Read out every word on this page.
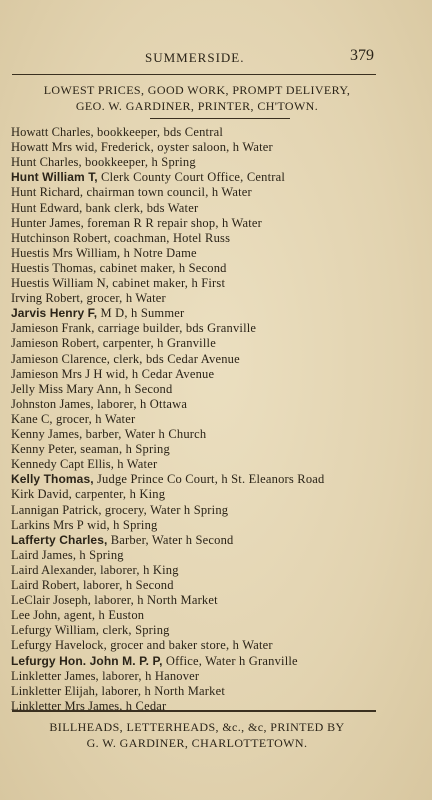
SUMMERSIDE.	379
LOWEST PRICES, GOOD WORK, PROMPT DELIVERY,
GEO. W. GARDINER, PRINTER, CH'TOWN.
Howatt Charles, bookkeeper, bds Central
Howatt Mrs wid, Frederick, oyster saloon, h Water
Hunt Charles, bookkeeper, h Spring
Hunt William T, Clerk County Court Office, Central
Hunt Richard, chairman town council, h Water
Hunt Edward, bank clerk, bds Water
Hunter James, foreman R R repair shop, h Water
Hutchinson Robert, coachman, Hotel Russ
Huestis Mrs William, h Notre Dame
Huestis Thomas, cabinet maker, h Second
Huestis William N, cabinet maker, h First
Irving Robert, grocer, h Water
Jarvis Henry F, M D, h Summer
Jamieson Frank, carriage builder, bds Granville
Jamieson Robert, carpenter, h Granville
Jamieson Clarence, clerk, bds Cedar Avenue
Jamieson Mrs J H wid, h Cedar Avenue
Jelly Miss Mary Ann, h Second
Johnston James, laborer, h Ottawa
Kane C, grocer, h Water
Kenny James, barber, Water h Church
Kenny Peter, seaman, h Spring
Kennedy Capt Ellis, h Water
Kelly Thomas, Judge Prince Co Court, h St. Eleanors Road
Kirk David, carpenter, h King
Lannigan Patrick, grocery, Water h Spring
Larkins Mrs P wid, h Spring
Lafferty Charles, Barber, Water h Second
Laird James, h Spring
Laird Alexander, laborer, h King
Laird Robert, laborer, h Second
LeClair Joseph, laborer, h North Market
Lee John, agent, h Euston
Lefurgy William, clerk, Spring
Lefurgy Havelock, grocer and baker store, h Water
Lefurgy Hon. John M. P. P, Office, Water h Granville
Linkletter James, laborer, h Hanover
Linkletter Elijah, laborer, h North Market
Linkletter Mrs James, h Cedar
BILLHEADS, LETTERHEADS, &c., &c, PRINTED BY
G. W. GARDINER, CHARLOTTETOWN.
